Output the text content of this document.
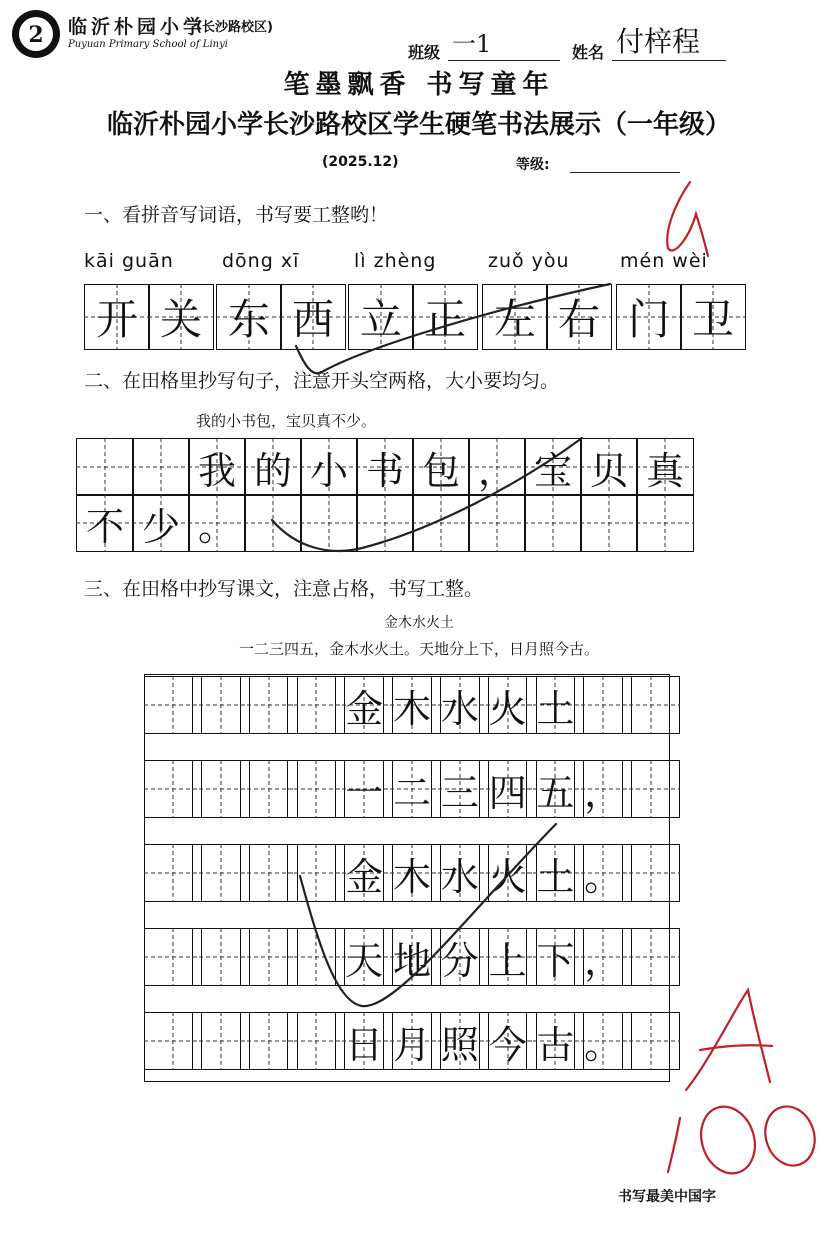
2 临沂朴园小学
(长沙路校区)
Puyuan Primary School of Linyi	班级 一1	姓名 付梓程
笔墨飘香 书写童年
临沂朴园小学长沙路校区学生硬笔书法展示（一年级）
(2025.12)	等级:
一、看拼音写词语，书写要工整哟！
kāi guān	dōng xī	lì zhèng	zuǒ yòu	mén wèi
开 关 东 西 立 正 左 右 门 卫
二、在田格里抄写句子，注意开头空两格，大小要均匀。
我的小书包，宝贝真不少。
我 的 小 书 包 ， 宝 贝 真
不 少 。
三、在田格中抄写课文，注意占格，书写工整。
金木水火土
一二三四五，金木水火土。天地分上下，日月照今古。
金 木 水 火 土
一 二 三 四 五 ，
金 木 水 火 土 。
天 地 分 上 下 ，
日 月 照 今 古 。
书写最美中国字
